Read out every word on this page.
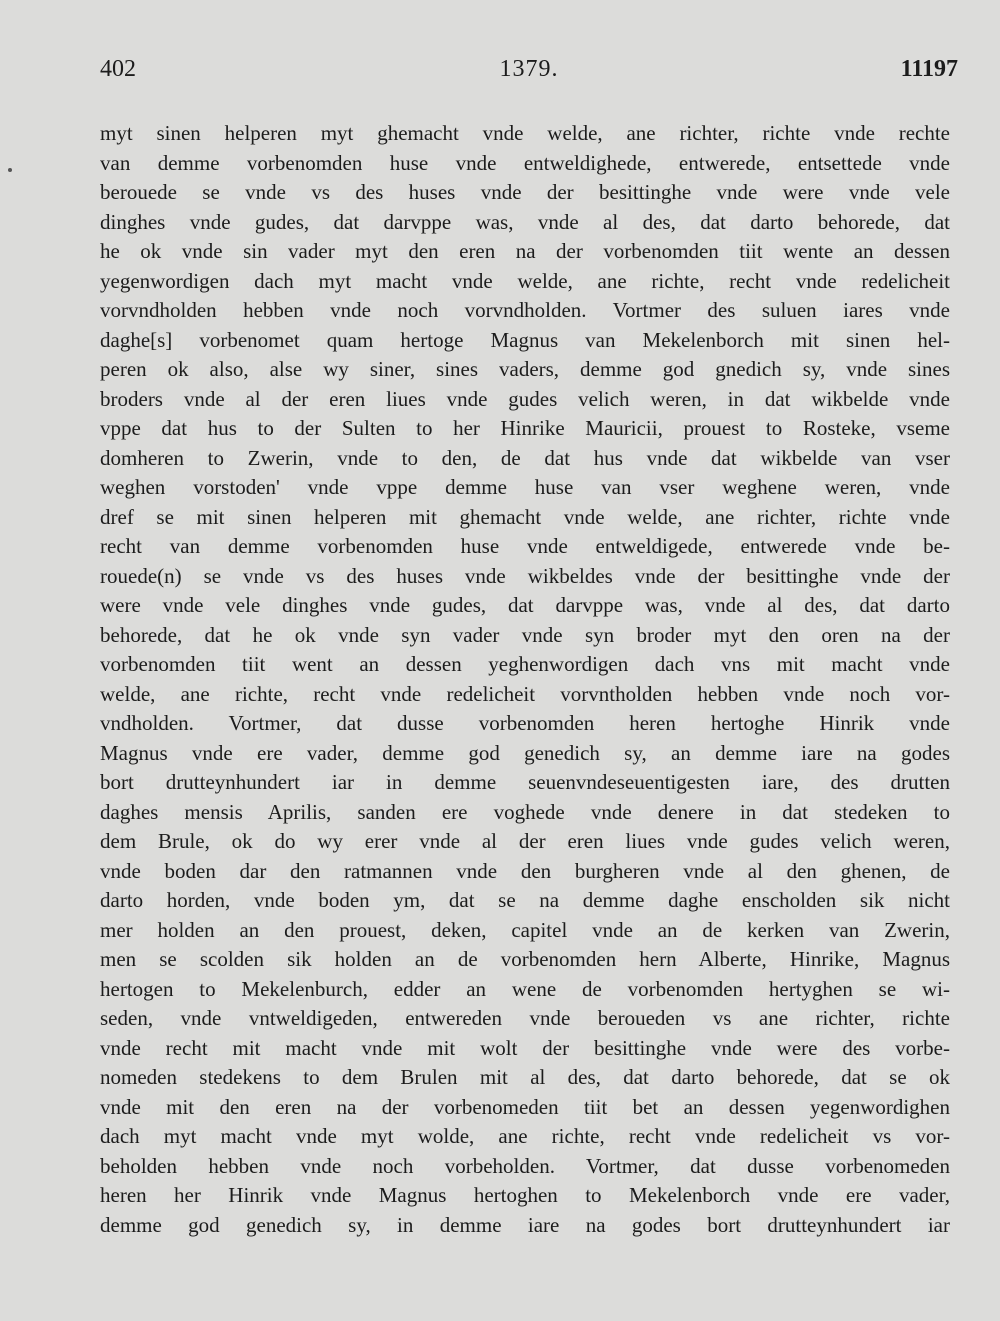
402	1379.	11197
myt sinen helperen myt ghemacht vnde welde, ane richter, richte vnde rechte
van demme vorbenomden huse vnde entweldighede, entwerede, entsettede vnde
berouede se vnde vs des huses vnde der besittinghe vnde were vnde vele
dinghes vnde gudes, dat darvppe was, vnde al des, dat darto behorede, dat
he ok vnde sin vader myt den eren na der vorbenomden tiit wente an dessen
yegenwordigen dach myt macht vnde welde, ane richte, recht vnde redelicheit
vorvndholden hebben vnde noch vorvndholden. Vortmer des suluen iares vnde
daghe[s] vorbenomet quam hertoge Magnus van Mekelenborch mit sinen hel-
peren ok also, alse wy siner, sines vaders, demme god gnedich sy, vnde sines
broders vnde al der eren liues vnde gudes velich weren, in dat wikbelde vnde
vppe dat hus to der Sulten to her Hinrike Mauricii, prouest to Rosteke, vseme
domheren to Zwerin, vnde to den, de dat hus vnde dat wikbelde van vser
weghen vorstoden' vnde vppe demme huse van vser weghene weren, vnde
dref se mit sinen helperen mit ghemacht vnde welde, ane richter, richte vnde
recht van demme vorbenomden huse vnde entweldigede, entwerede vnde be-
rouede(n) se vnde vs des huses vnde wikbeldes vnde der besittinghe vnde der
were vnde vele dinghes vnde gudes, dat darvppe was, vnde al des, dat darto
behorede, dat he ok vnde syn vader vnde syn broder myt den oren na der
vorbenomden tiit went an dessen yeghenwordigen dach vns mit macht vnde
welde, ane richte, recht vnde redelicheit vorvntholden hebben vnde noch vor-
vndholden. Vortmer, dat dusse vorbenomden heren hertoghe Hinrik vnde
Magnus vnde ere vader, demme god genedich sy, an demme iare na godes
bort drutteynhundert iar in demme seuenvndeseuentigesten iare, des drutten
daghes mensis Aprilis, sanden ere voghede vnde denere in dat stedeken to
dem Brule, ok do wy erer vnde al der eren liues vnde gudes velich weren,
vnde boden dar den ratmannen vnde den burgheren vnde al den ghenen, de
darto horden, vnde boden ym, dat se na demme daghe enscholden sik nicht
mer holden an den prouest, deken, capitel vnde an de kerken van Zwerin,
men se scolden sik holden an de vorbenomden hern Alberte, Hinrike, Magnus
hertogen to Mekelenburch, edder an wene de vorbenomden hertyghen se wi-
seden, vnde vntweldigeden, entwereden vnde beroueden vs ane richter, richte
vnde recht mit macht vnde mit wolt der besittinghe vnde were des vorbe-
nomeden stedekens to dem Brulen mit al des, dat darto behorede, dat se ok
vnde mit den eren na der vorbenomeden tiit bet an dessen yegenwordighen
dach myt macht vnde myt wolde, ane richte, recht vnde redelicheit vs vor-
beholden hebben vnde noch vorbeholden. Vortmer, dat dusse vorbenomeden
heren her Hinrik vnde Magnus hertoghen to Mekelenborch vnde ere vader,
demme god genedich sy, in demme iare na godes bort drutteynhundert iar
